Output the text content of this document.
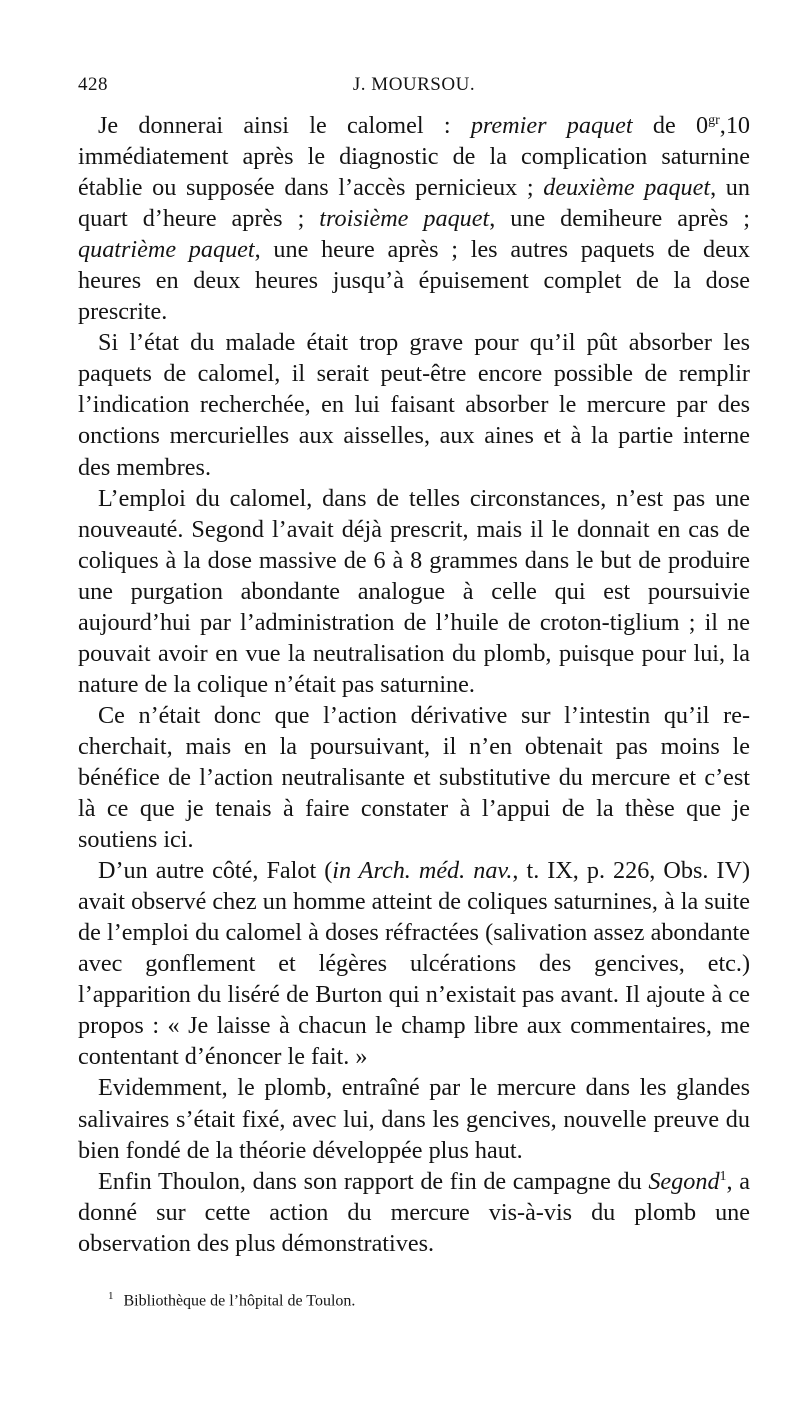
428	J. MOURSOU.

Je donnerai ainsi le calomel : premier paquet de $0^{gr},10$ immédiatement après le diagnostic de la complication saturnine établie ou supposée dans l’accès pernicieux ; deuxième paquet, un quart d’heure après ; troisième paquet, une demiheure après ; quatrième paquet, une heure après ; les autres paquets de deux heures en deux heures jusqu’à épuisement complet de la dose prescrite.

Si l’état du malade était trop grave pour qu’il pût absorber les paquets de calomel, il serait peut-être encore possible de remplir l’indication recherchée, en lui faisant absorber le mercure par des onctions mercurielles aux aisselles, aux aines et à la partie interne des membres.

L’emploi du calomel, dans de telles circonstances, n’est pas une nouveauté. Segond l’avait déjà prescrit, mais il le donnait en cas de coliques à la dose massive de 6 à 8 grammes dans le but de produire une purgation abondante analogue à celle qui est poursuivie aujourd’hui par l’administration de l’huile de croton-tiglium ; il ne pouvait avoir en vue la neutralisation du plomb, puisque pour lui, la nature de la colique n’était pas saturnine.

Ce n’était donc que l’action dérivative sur l’intestin qu’il recherchait, mais en la poursuivant, il n’en obtenait pas moins le bénéfice de l’action neutralisante et substitutive du mercure et c’est là ce que je tenais à faire constater à l’appui de la thèse que je soutiens ici.

D’un autre côté, Falot (in Arch. méd. nav., t. IX, p. 226, Obs. IV) avait observé chez un homme atteint de coliques saturnines, à la suite de l’emploi du calomel à doses réfractées (salivation assez abondante avec gonflement et légères ulcérations des gencives, etc.) l’apparition du liséré de Burton qui n’existait pas avant. Il ajoute à ce propos : « Je laisse à chacun le champ libre aux commentaires, me contentant d’énoncer le fait. »

Evidemment, le plomb, entraîné par le mercure dans les glandes salivaires s’était fixé, avec lui, dans les gencives, nouvelle preuve du bien fondé de la théorie développée plus haut.

Enfin Thoulon, dans son rapport de fin de campagne du Segond$^1$, a donné sur cette action du mercure vis-à-vis du plomb une observation des plus démonstratives.

$^1$ Bibliothèque de l’hôpital de Toulon.
